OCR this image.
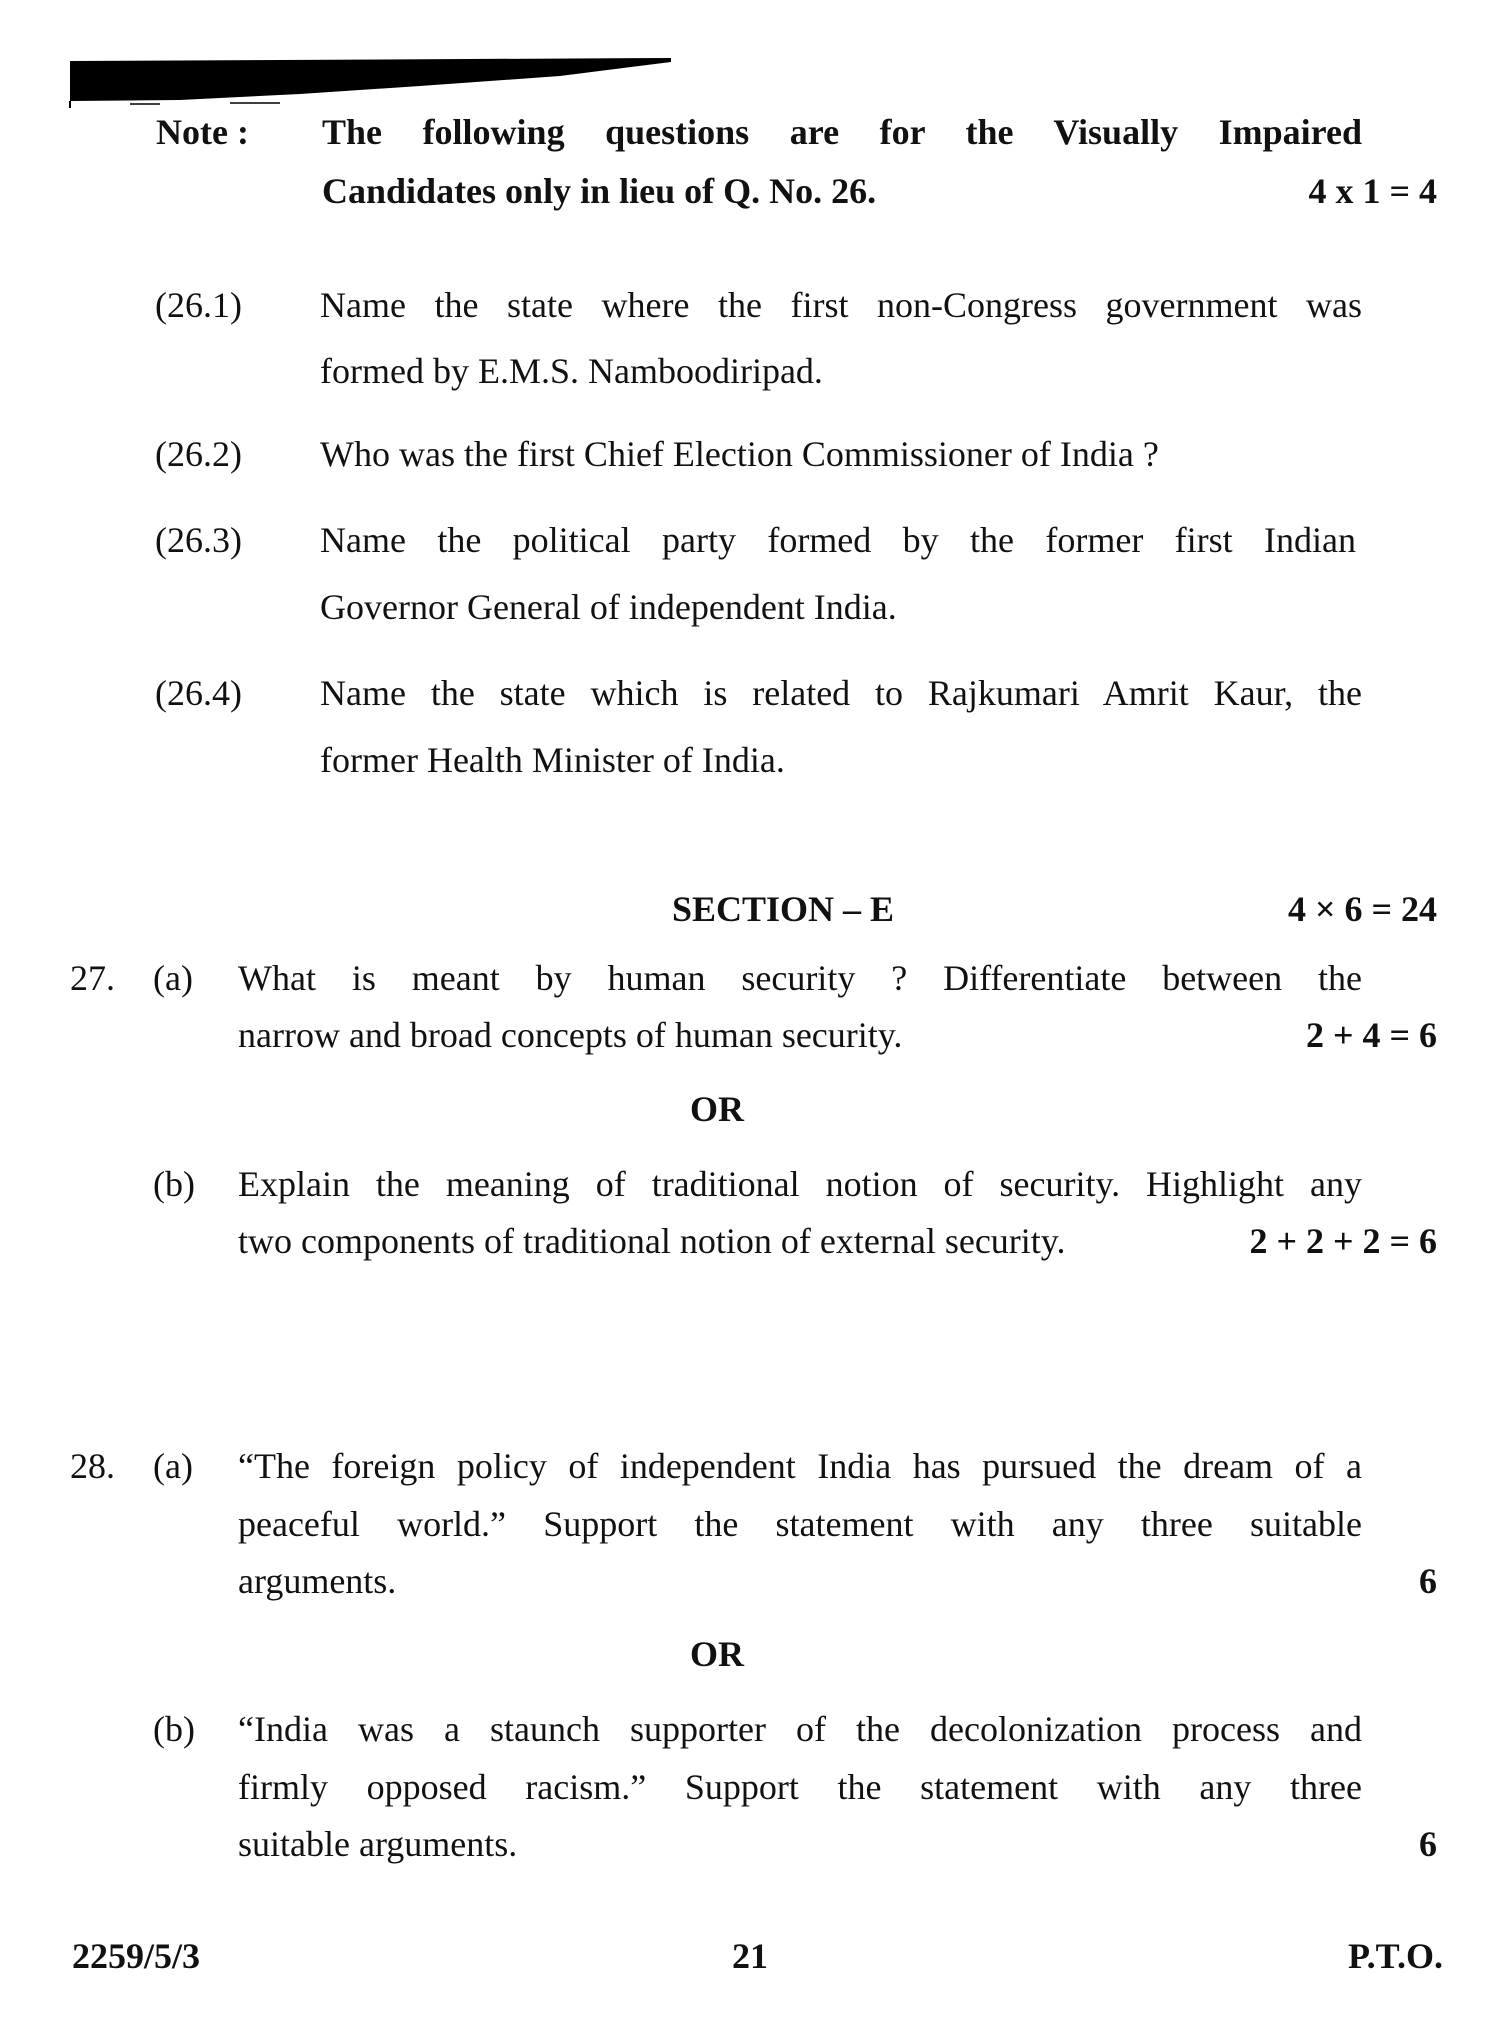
Note : The following questions are for the Visually Impaired
Candidates only in lieu of Q. No. 26.	4 x 1 = 4
(26.1) Name the state where the first non-Congress government was
formed by E.M.S. Namboodiripad.
(26.2) Who was the first Chief Election Commissioner of India ?
(26.3) Name the political party formed by the former first Indian
Governor General of independent India.
(26.4) Name the state which is related to Rajkumari Amrit Kaur, the
former Health Minister of India.
SECTION – E	4 × 6 = 24
27. (a) What is meant by human security ? Differentiate between the
narrow and broad concepts of human security.	2 + 4 = 6
OR
(b) Explain the meaning of traditional notion of security. Highlight any
two components of traditional notion of external security.	2 + 2 + 2 = 6
28. (a) “The foreign policy of independent India has pursued the dream of a
peaceful world.” Support the statement with any three suitable
arguments.	6
OR
(b) “India was a staunch supporter of the decolonization process and
firmly opposed racism.” Support the statement with any three
suitable arguments.	6
2259/5/3	21	P.T.O.
